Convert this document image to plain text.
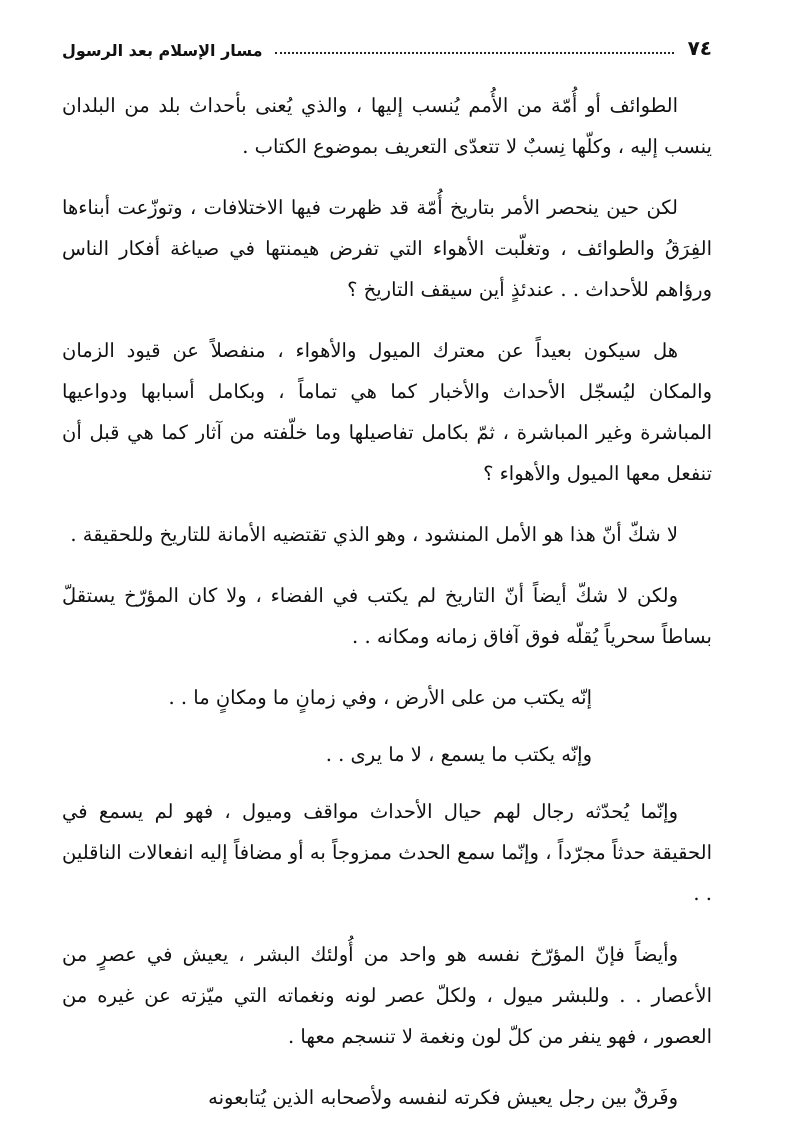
٧٤
مسار الإسلام بعد الرسول

الطوائف أو أُمّة من الأُمم يُنسب إليها ، والذي يُعنى بأحداث بلد من البلدان ينسب إليه ، وكلّها نِسبٌ لا تتعدّى التعريف بموضوع الكتاب .

لكن حين ينحصر الأمر بتاريخ أُمّة قد ظهرت فيها الاختلافات ، وتوزّعت أبناءها الفِرَقُ والطوائف ، وتغلّبت الأهواء التي تفرض هيمنتها في صياغة أفكار الناس ورؤاهم للأحداث . . عندئذٍ أين سيقف التاريخ ؟

هل سيكون بعيداً عن معترك الميول والأهواء ، منفصلاً عن قيود الزمان والمكان ليُسجّل الأحداث والأخبار كما هي تماماً ، وبكامل أسبابها ودواعيها المباشرة وغير المباشرة ، ثمّ بكامل تفاصيلها وما خلّفته من آثار كما هي قبل أن تنفعل معها الميول والأهواء ؟

لا شكّ أنّ هذا هو الأمل المنشود ، وهو الذي تقتضيه الأمانة للتاريخ وللحقيقة .

ولكن لا شكّ أيضاً أنّ التاريخ لم يكتب في الفضاء ، ولا كان المؤرّخ يستقلّ بساطاً سحرياً يُقلّه فوق آفاق زمانه ومكانه . .

إنّه يكتب من على الأرض ، وفي زمانٍ ما ومكانٍ ما . .

وإنّه يكتب ما يسمع ، لا ما يرى . .

وإنّما يُحدّثه رجال لهم حيال الأحداث مواقف وميول ، فهو لم يسمع في الحقيقة حدثاً مجرّداً ، وإنّما سمع الحدث ممزوجاً به أو مضافاً إليه انفعالات الناقلين . .

وأيضاً فإنّ المؤرّخ نفسه هو واحد من أُولئك البشر ، يعيش في عصرٍ من الأعصار . . وللبشر ميول ، ولكلّ عصر لونه ونغماته التي ميّزته عن غيره من العصور ، فهو ينفر من كلّ لون ونغمة لا تنسجم معها .

وفَرقٌ بين رجل يعيش فكرته لنفسه ولأصحابه الذين يُتابعونه
